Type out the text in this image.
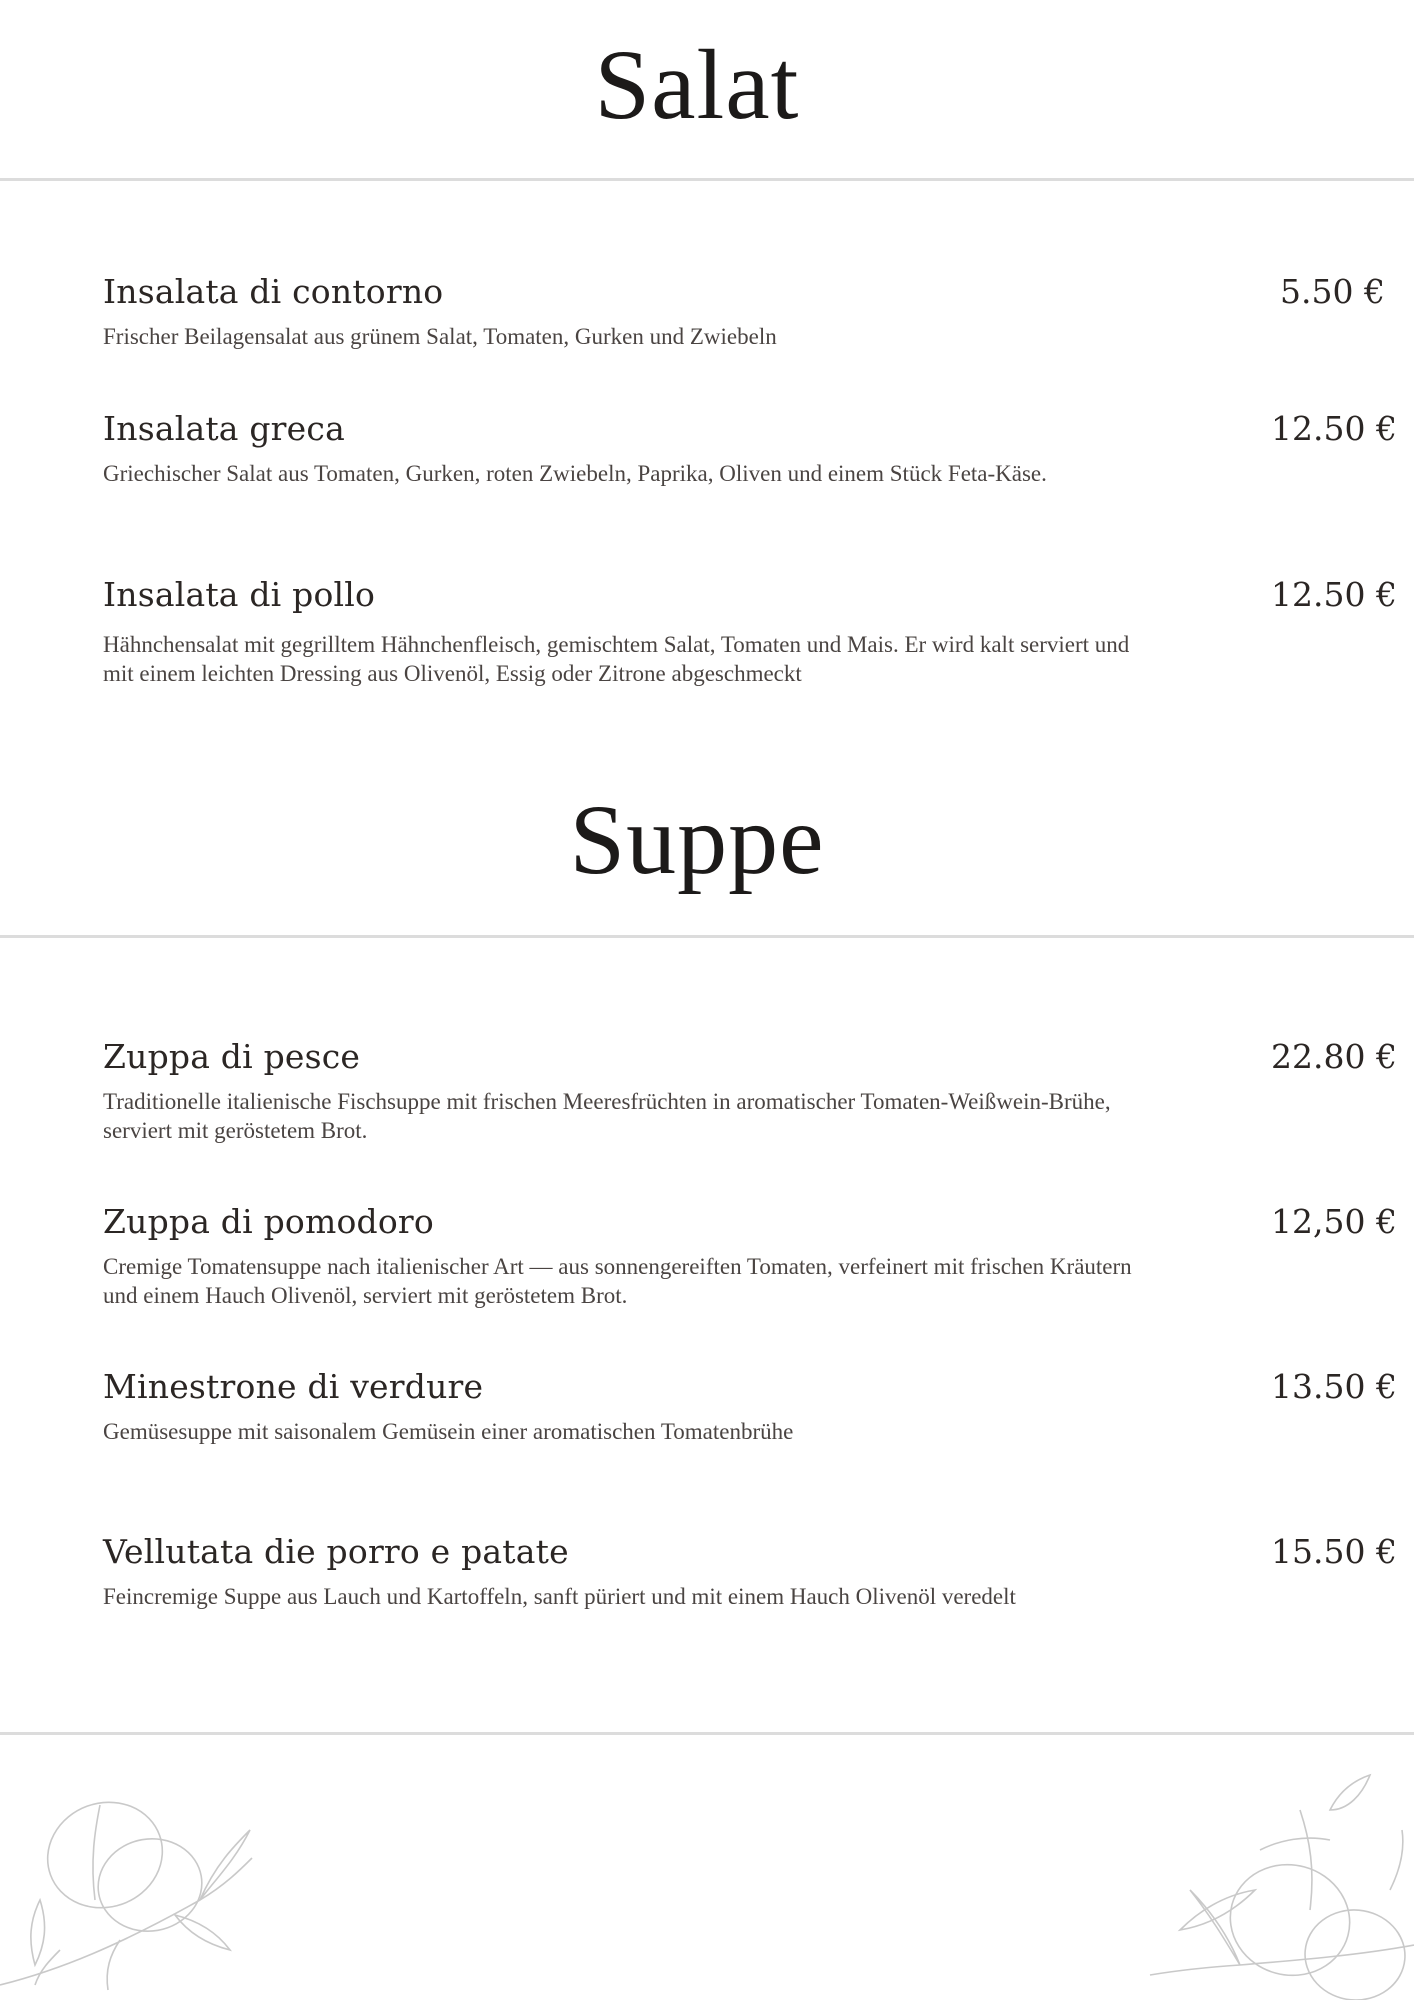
Salat
Insalata di contorno	5.50 €

Frischer Beilagensalat aus grünem Salat, Tomaten, Gurken und Zwiebeln

Insalata greca	12.50 €

Griechischer Salat aus Tomaten, Gurken, roten Zwiebeln, Paprika, Oliven und einem Stück Feta-Käse.

Insalata di pollo	12.50 €

Hähnchensalat mit gegrilltem Hähnchenfleisch, gemischtem Salat, Tomaten und Mais. Er wird kalt serviert und mit einem leichten Dressing aus Olivenöl, Essig oder Zitrone abgeschmeckt

Suppe
Zuppa di pesce	22.80 €

Traditionelle italienische Fischsuppe mit frischen Meeresfrüchten in aromatischer Tomaten-Weißwein-Brühe, serviert mit geröstetem Brot.

Zuppa di pomodoro	12,50 €

Cremige Tomatensuppe nach italienischer Art — aus sonnengereiften Tomaten, verfeinert mit frischen Kräutern und einem Hauch Olivenöl, serviert mit geröstetem Brot.

Minestrone di verdure	13.50 €

Gemüsesuppe mit saisonalem Gemüsein einer aromatischen Tomatenbrühe

Vellutata die porro e patate	15.50 €

Feincremige Suppe aus Lauch und Kartoffeln, sanft püriert und mit einem Hauch Olivenöl veredelt
